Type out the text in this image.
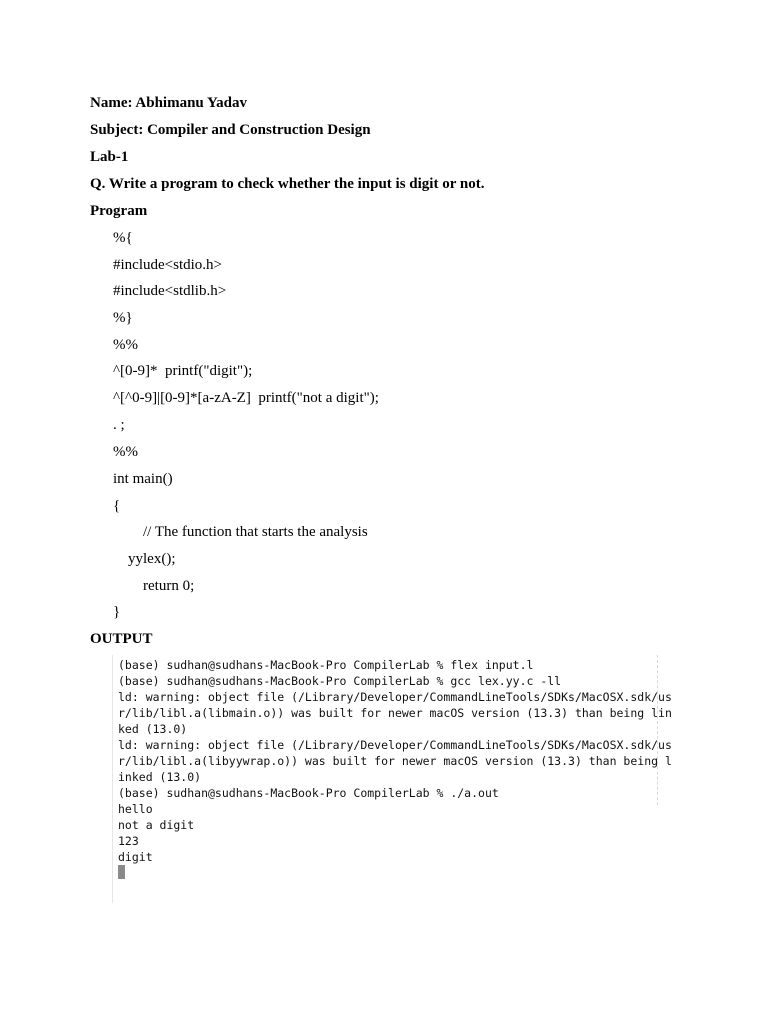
Name: Abhimanu Yadav
Subject: Compiler and Construction Design
Lab-1
Q. Write a program to check whether the input is digit or not.
Program
%{
#include<stdio.h>
#include<stdlib.h>
%}
%%
^[0-9]*  printf("digit");
^[^0-9]|[0-9]*[a-zA-Z]  printf("not a digit");
. ;
%%
int main()
{
// The function that starts the analysis
yylex();
return 0;
}
OUTPUT
(base) sudhan@sudhans-MacBook-Pro CompilerLab % flex input.l
(base) sudhan@sudhans-MacBook-Pro CompilerLab % gcc lex.yy.c -ll
ld: warning: object file (/Library/Developer/CommandLineTools/SDKs/MacOSX.sdk/us
r/lib/libl.a(libmain.o)) was built for newer macOS version (13.3) than being lin
ked (13.0)
ld: warning: object file (/Library/Developer/CommandLineTools/SDKs/MacOSX.sdk/us
r/lib/libl.a(libyywrap.o)) was built for newer macOS version (13.3) than being l
inked (13.0)
(base) sudhan@sudhans-MacBook-Pro CompilerLab % ./a.out
hello
not a digit
123
digit
